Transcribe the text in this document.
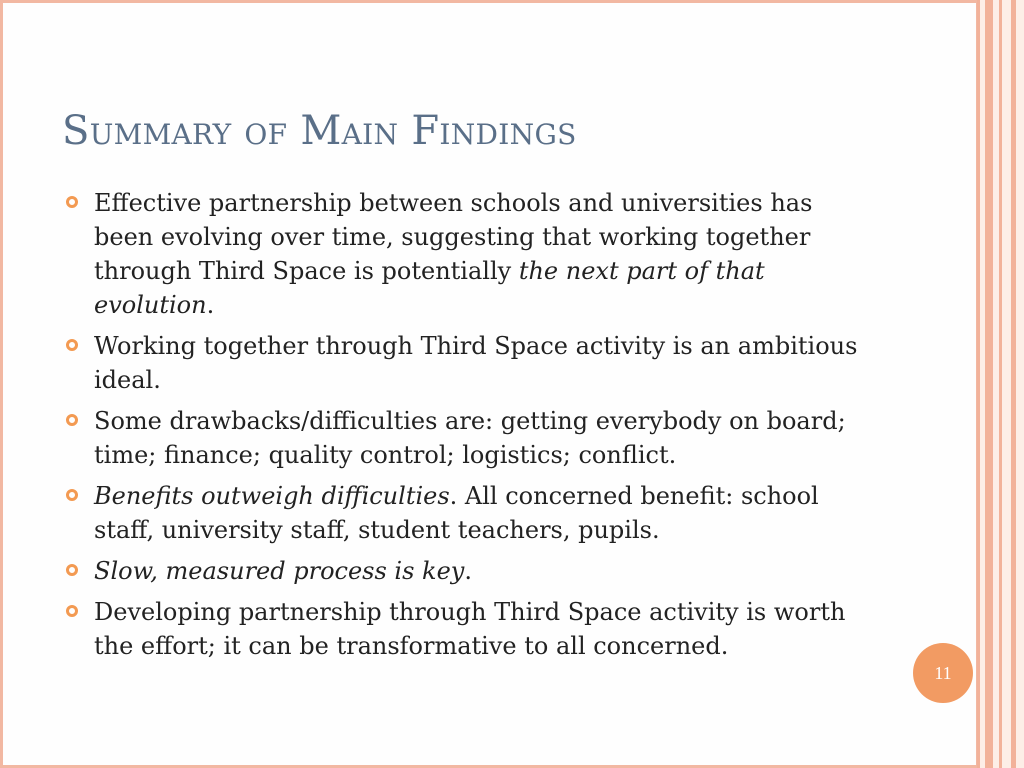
Summary of Main Findings
Effective partnership between schools and universities has been evolving over time, suggesting that working together through Third Space is potentially the next part of that evolution.
Working together through Third Space activity is an ambitious ideal.
Some drawbacks/difficulties are: getting everybody on board; time; finance; quality control; logistics; conflict.
Benefits outweigh difficulties. All concerned benefit: school staff, university staff, student teachers, pupils.
Slow, measured process is key.
Developing partnership through Third Space activity is worth the effort; it can be transformative to all concerned.
11
